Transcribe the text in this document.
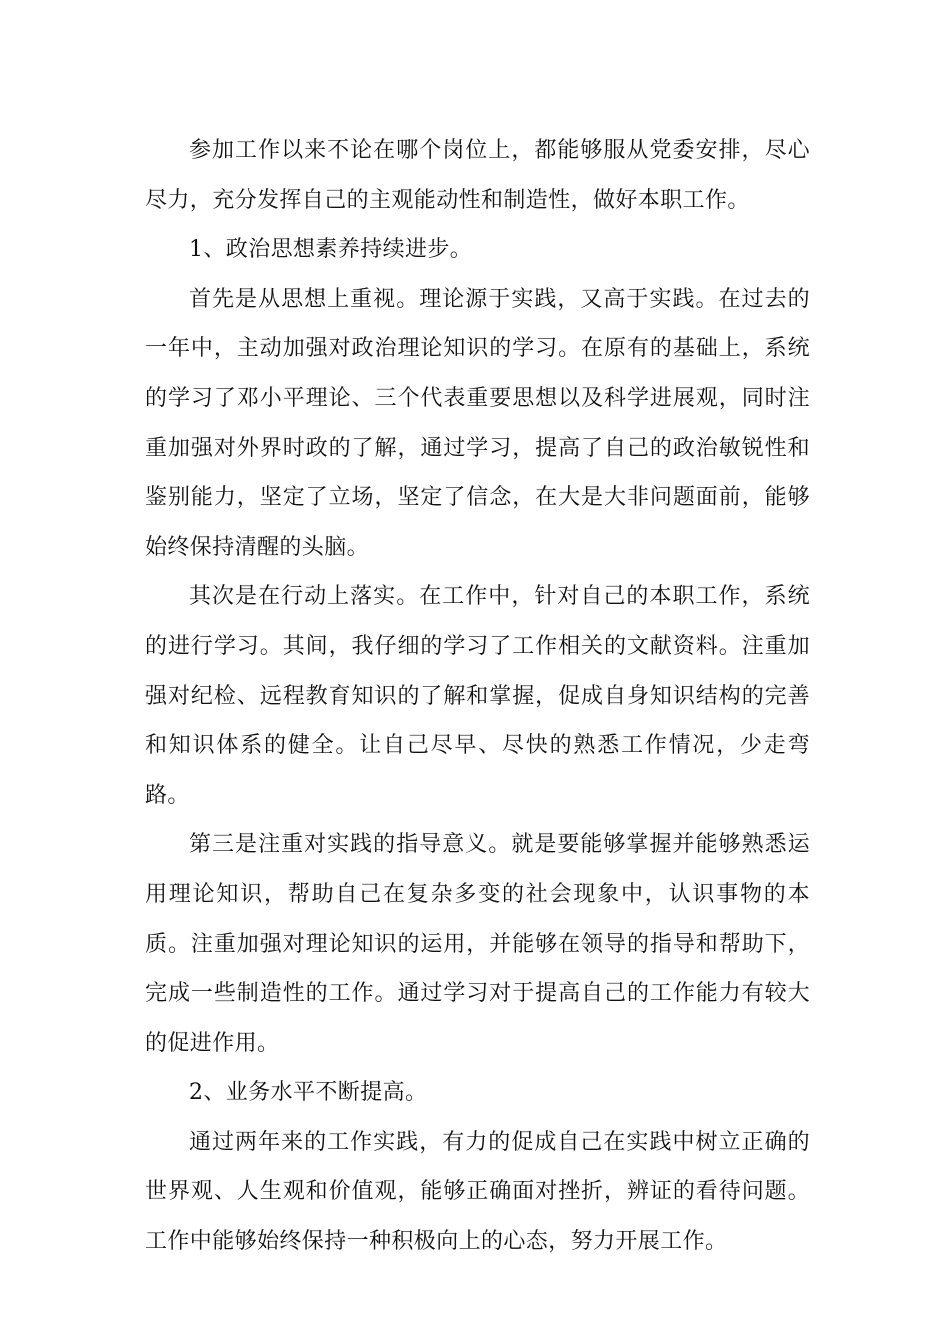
参加工作以来不论在哪个岗位上，都能够服从党委安排，尽心尽力，充分发挥自己的主观能动性和制造性，做好本职工作。

1、政治思想素养持续进步。

首先是从思想上重视。理论源于实践，又高于实践。在过去的一年中，主动加强对政治理论知识的学习。在原有的基础上，系统的学习了邓小平理论、三个代表重要思想以及科学进展观，同时注重加强对外界时政的了解，通过学习，提高了自己的政治敏锐性和鉴别能力，坚定了立场，坚定了信念，在大是大非问题面前，能够始终保持清醒的头脑。

其次是在行动上落实。在工作中，针对自己的本职工作，系统的进行学习。其间，我仔细的学习了工作相关的文献资料。注重加强对纪检、远程教育知识的了解和掌握，促成自身知识结构的完善和知识体系的健全。让自己尽早、尽快的熟悉工作情况，少走弯路。

第三是注重对实践的指导意义。就是要能够掌握并能够熟悉运用理论知识，帮助自己在复杂多变的社会现象中，认识事物的本质。注重加强对理论知识的运用，并能够在领导的指导和帮助下，完成一些制造性的工作。通过学习对于提高自己的工作能力有较大的促进作用。

2、业务水平不断提高。

通过两年来的工作实践，有力的促成自己在实践中树立正确的世界观、人生观和价值观，能够正确面对挫折，辨证的看待问题。工作中能够始终保持一种积极向上的心态，努力开展工作。
